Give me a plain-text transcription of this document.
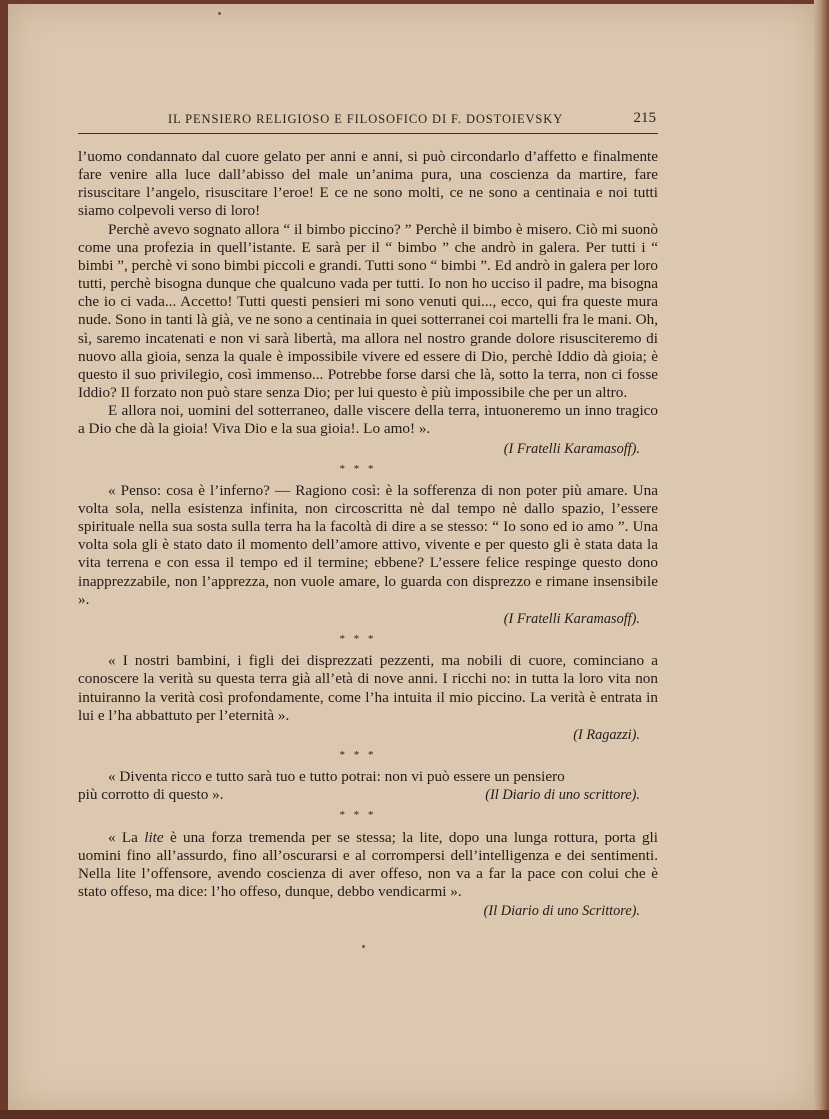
IL PENSIERO RELIGIOSO E FILOSOFICO DI F. DOSTOIEVSKY	215

l’uomo condannato dal cuore gelato per anni e anni, si può circondarlo d’affetto e finalmente fare venire alla luce dall’abisso del male un’anima pura, una coscienza da martire, fare risuscitare l’angelo, risuscitare l’eroe! E ce ne sono molti, ce ne sono a centinaia e noi tutti siamo colpevoli verso di loro!

Perchè avevo sognato allora “ il bimbo piccino? ” Perchè il bimbo è misero. Ciò mi suonò come una profezia in quell’istante. E sarà per il “ bimbo ” che andrò in galera. Per tutti i “ bimbi ”, perchè vi sono bimbi piccoli e grandi. Tutti sono “ bimbi ”. Ed andrò in galera per loro tutti, perchè bisogna dunque che qualcuno vada per tutti. Io non ho ucciso il padre, ma bisogna che io ci vada... Accetto! Tutti questi pensieri mi sono venuti qui..., ecco, qui fra queste mura nude. Sono in tanti là già, ve ne sono a centinaia in quei sotterranei coi martelli fra le mani. Oh, sì, saremo incatenati e non vi sarà libertà, ma allora nel nostro grande dolore risusciteremo di nuovo alla gioia, senza la quale è impossibile vivere ed essere di Dio, perchè Iddio dà gioia; è questo il suo privilegio, così immenso... Potrebbe forse darsi che là, sotto la terra, non ci fosse Iddio? Il forzato non può stare senza Dio; per lui questo è più impossibile che per un altro.

E allora noi, uomini del sotterraneo, dalle viscere della terra, intuoneremo un inno tragico a Dio che dà la gioia! Viva Dio e la sua gioia!. Lo amo! ».

(I Fratelli Karamasoff).

* * *

« Penso: cosa è l’inferno? — Ragiono così: è la sofferenza di non poter più amare. Una volta sola, nella esistenza infinita, non circoscritta nè dal tempo nè dallo spazio, l’essere spirituale nella sua sosta sulla terra ha la facoltà di dire a se stesso: “ Io sono ed io amo ”. Una volta sola gli è stato dato il momento dell’amore attivo, vivente e per questo gli è stata data la vita terrena e con essa il tempo ed il termine; ebbene? L’essere felice respinge questo dono inapprezzabile, non l’apprezza, non vuole amare, lo guarda con disprezzo e rimane insensibile ».

(I Fratelli Karamasoff).

* * *

« I nostri bambini, i figli dei disprezzati pezzenti, ma nobili di cuore, cominciano a conoscere la verità su questa terra già all’età di nove anni. I ricchi no: in tutta la loro vita non intuiranno la verità così profondamente, come l’ha intuita il mio piccino. La verità è entrata in lui e l’ha abbattuto per l’eternità ».

(I Ragazzi).

* * *

« Diventa ricco e tutto sarà tuo e tutto potrai: non vi può essere un pensiero

più corrotto di questo ».	(Il Diario di uno scrittore).
* * *

« La lite è una forza tremenda per se stessa; la lite, dopo una lunga rottura, porta gli uomini fino all’assurdo, fino all’oscurarsi e al corrompersi dell’intelligenza e dei sentimenti. Nella lite l’offensore, avendo coscienza di aver offeso, non va a far la pace con colui che è stato offeso, ma dice: l’ho offeso, dunque, debbo vendicarmi ».

(Il Diario di uno Scrittore).
